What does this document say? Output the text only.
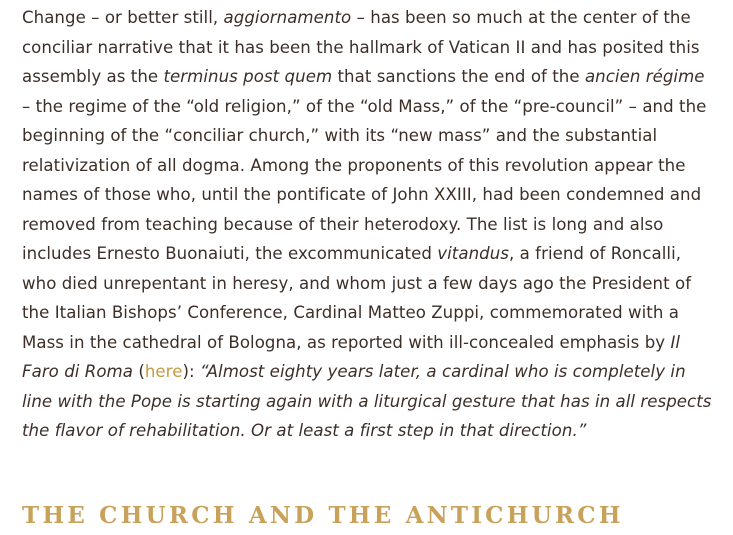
Change – or better still, aggiornamento – has been so much at the center of the conciliar narrative that it has been the hallmark of Vatican II and has posited this assembly as the terminus post quem that sanctions the end of the ancien régime – the regime of the “old religion,” of the “old Mass,” of the “pre-council” – and the beginning of the “conciliar church,” with its “new mass” and the substantial relativization of all dogma. Among the proponents of this revolution appear the names of those who, until the pontificate of John XXIII, had been condemned and removed from teaching because of their heterodoxy. The list is long and also includes Ernesto Buonaiuti, the excommunicated vitandus, a friend of Roncalli, who died unrepentant in heresy, and whom just a few days ago the President of the Italian Bishops’ Conference, Cardinal Matteo Zuppi, commemorated with a Mass in the cathedral of Bologna, as reported with ill-concealed emphasis by Il Faro di Roma (here): “Almost eighty years later, a cardinal who is completely in line with the Pope is starting again with a liturgical gesture that has in all respects the flavor of rehabilitation. Or at least a first step in that direction.”

THE CHURCH AND THE ANTICHURCH
